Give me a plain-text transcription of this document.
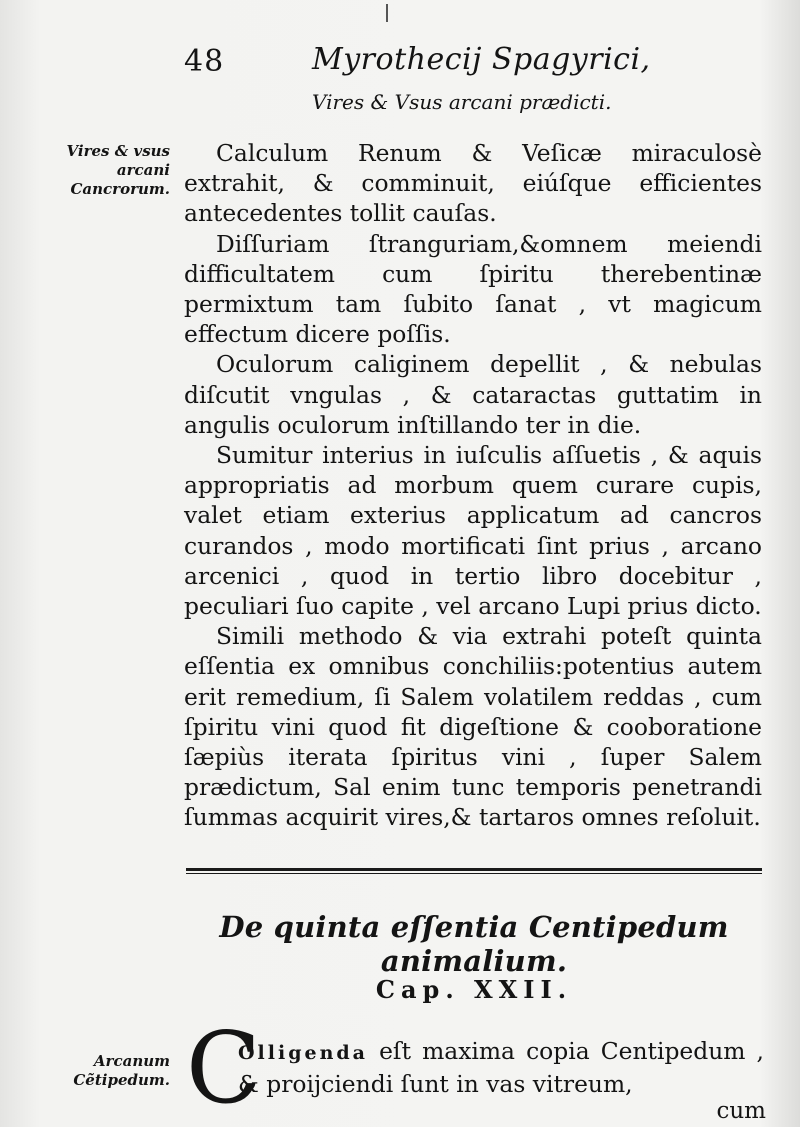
48	Myrothecij Spagyrici,
Vires & Vsus arcani prædicti.
Vires & vsus arcani Cancrorum.

Calculum Renum & Veſicæ miraculosè extrahit, & comminuit, eiúſque efficientes antecedentes tollit cauſas.

Diſſuriam ſtranguriam,&omnem meiendi difficultatem cum ſpiritu therebentinæ permixtum tam ſubito ſanat , vt magicum effectum dicere poſſis.

Oculorum caliginem depellit , & nebulas diſcutit vngulas , & cataractas guttatim in angulis oculorum inſtillando ter in die.

Sumitur interius in iuſculis aſſuetis , & aquis appropriatis ad morbum quem curare cupis, valet etiam exterius applicatum ad cancros curandos , modo mortificati ſint prius , arcano arcenici , quod in tertio libro docebitur , peculiari ſuo capite , vel arcano Lupi prius dicto.

Simili methodo & via extrahi poteſt quinta eſſentia ex omnibus conchiliis:potentius autem erit remedium, ſi Salem volatilem reddas , cum ſpiritu vini quod fit digeſtione & cooboratione ſæpiùs iterata ſpiritus vini , ſuper Salem prædictum, Sal enim tunc temporis penetrandi ſummas acquirit vires,& tartaros omnes reſoluit.

De quinta eſſentia Centipedum animalium.
Cap. XXII.
Arcanum Cẽtipedum. C
Olligenda eſt maxima copia Centipedum , & proijciendi ſunt in vas vitreum,
cum
